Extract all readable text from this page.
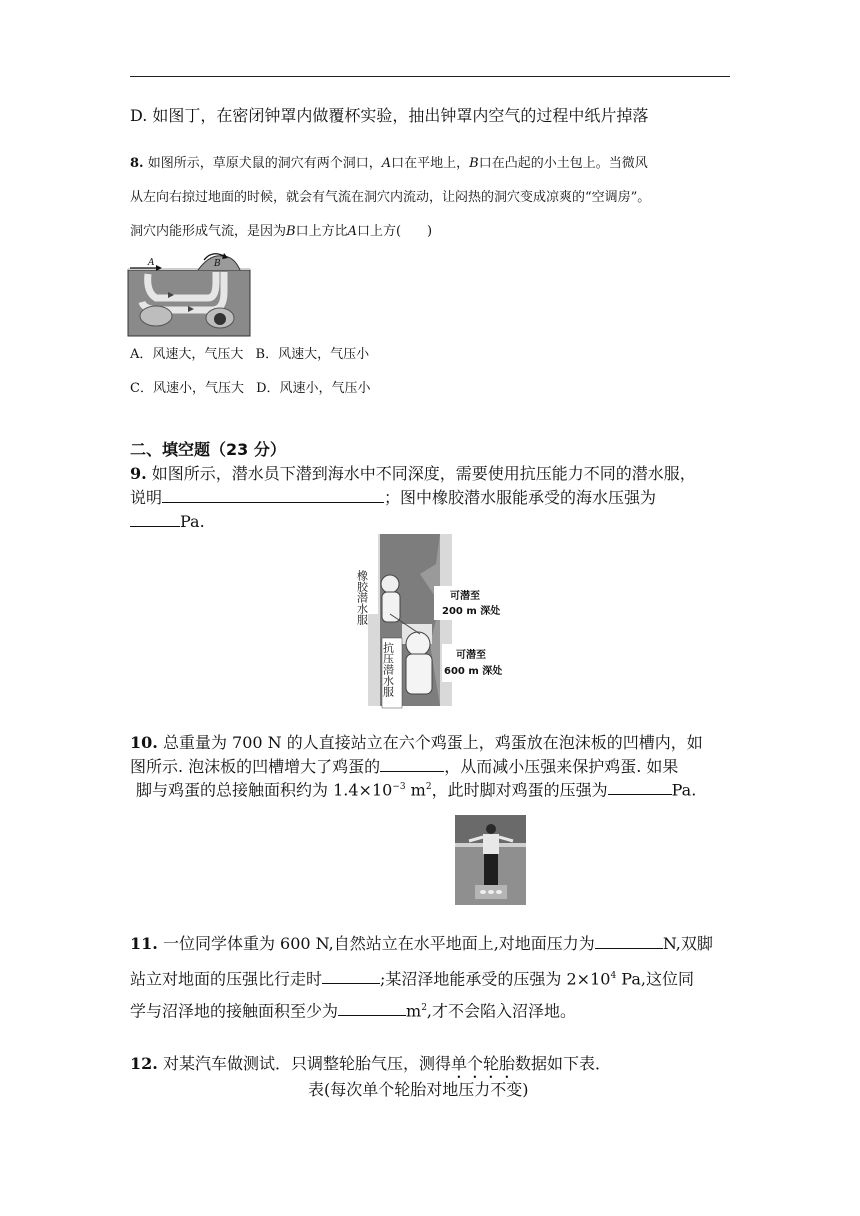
D. 如图丁，在密闭钟罩内做覆杯实验，抽出钟罩内空气的过程中纸片掉落
8. 如图所示，草原犬鼠的洞穴有两个洞口，A口在平地上，B口在凸起的小土包上。当微风
从左向右掠过地面的时候，就会有气流在洞穴内流动，让闷热的洞穴变成凉爽的“空调房”。
洞穴内能形成气流，是因为B口上方比A口上方(　　)
A	B
A．风速大，气压大 B．风速大，气压小
C．风速小，气压大 D．风速小，气压小
二、填空题（23 分）
9. 如图所示，潜水员下潜到海水中不同深度，需要使用抗压能力不同的潜水服，
说明	；图中橡胶潜水服能承受的海水压强为
Pa.
橡胶潜水服	可潜至
200 m 深处
抗压潜水服	可潜至
600 m 深处
10. 总重量为 700 N 的人直接站立在六个鸡蛋上，鸡蛋放在泡沫板的凹槽内，如
图所示. 泡沫板的凹槽增大了鸡蛋的	，从而减小压强来保护鸡蛋. 如果
脚与鸡蛋的总接触面积约为 $1.4\times 10^{-3}$ $m^2$，此时脚对鸡蛋的压强为	Pa.
11. 一位同学体重为 600 N,自然站立在水平地面上,对地面压力为	N,双脚
站立对地面的压强比行走时	;某沼泽地能承受的压强为 $2\times 10^4$ Pa,这位同
学与沼泽地的接触面积至少为	$m^2$,才不会陷入沼泽地。
12. 对某汽车做测试．只调整轮胎气压，测得单个轮胎数据如下表．
表(每次单个轮胎对地压力不变)
